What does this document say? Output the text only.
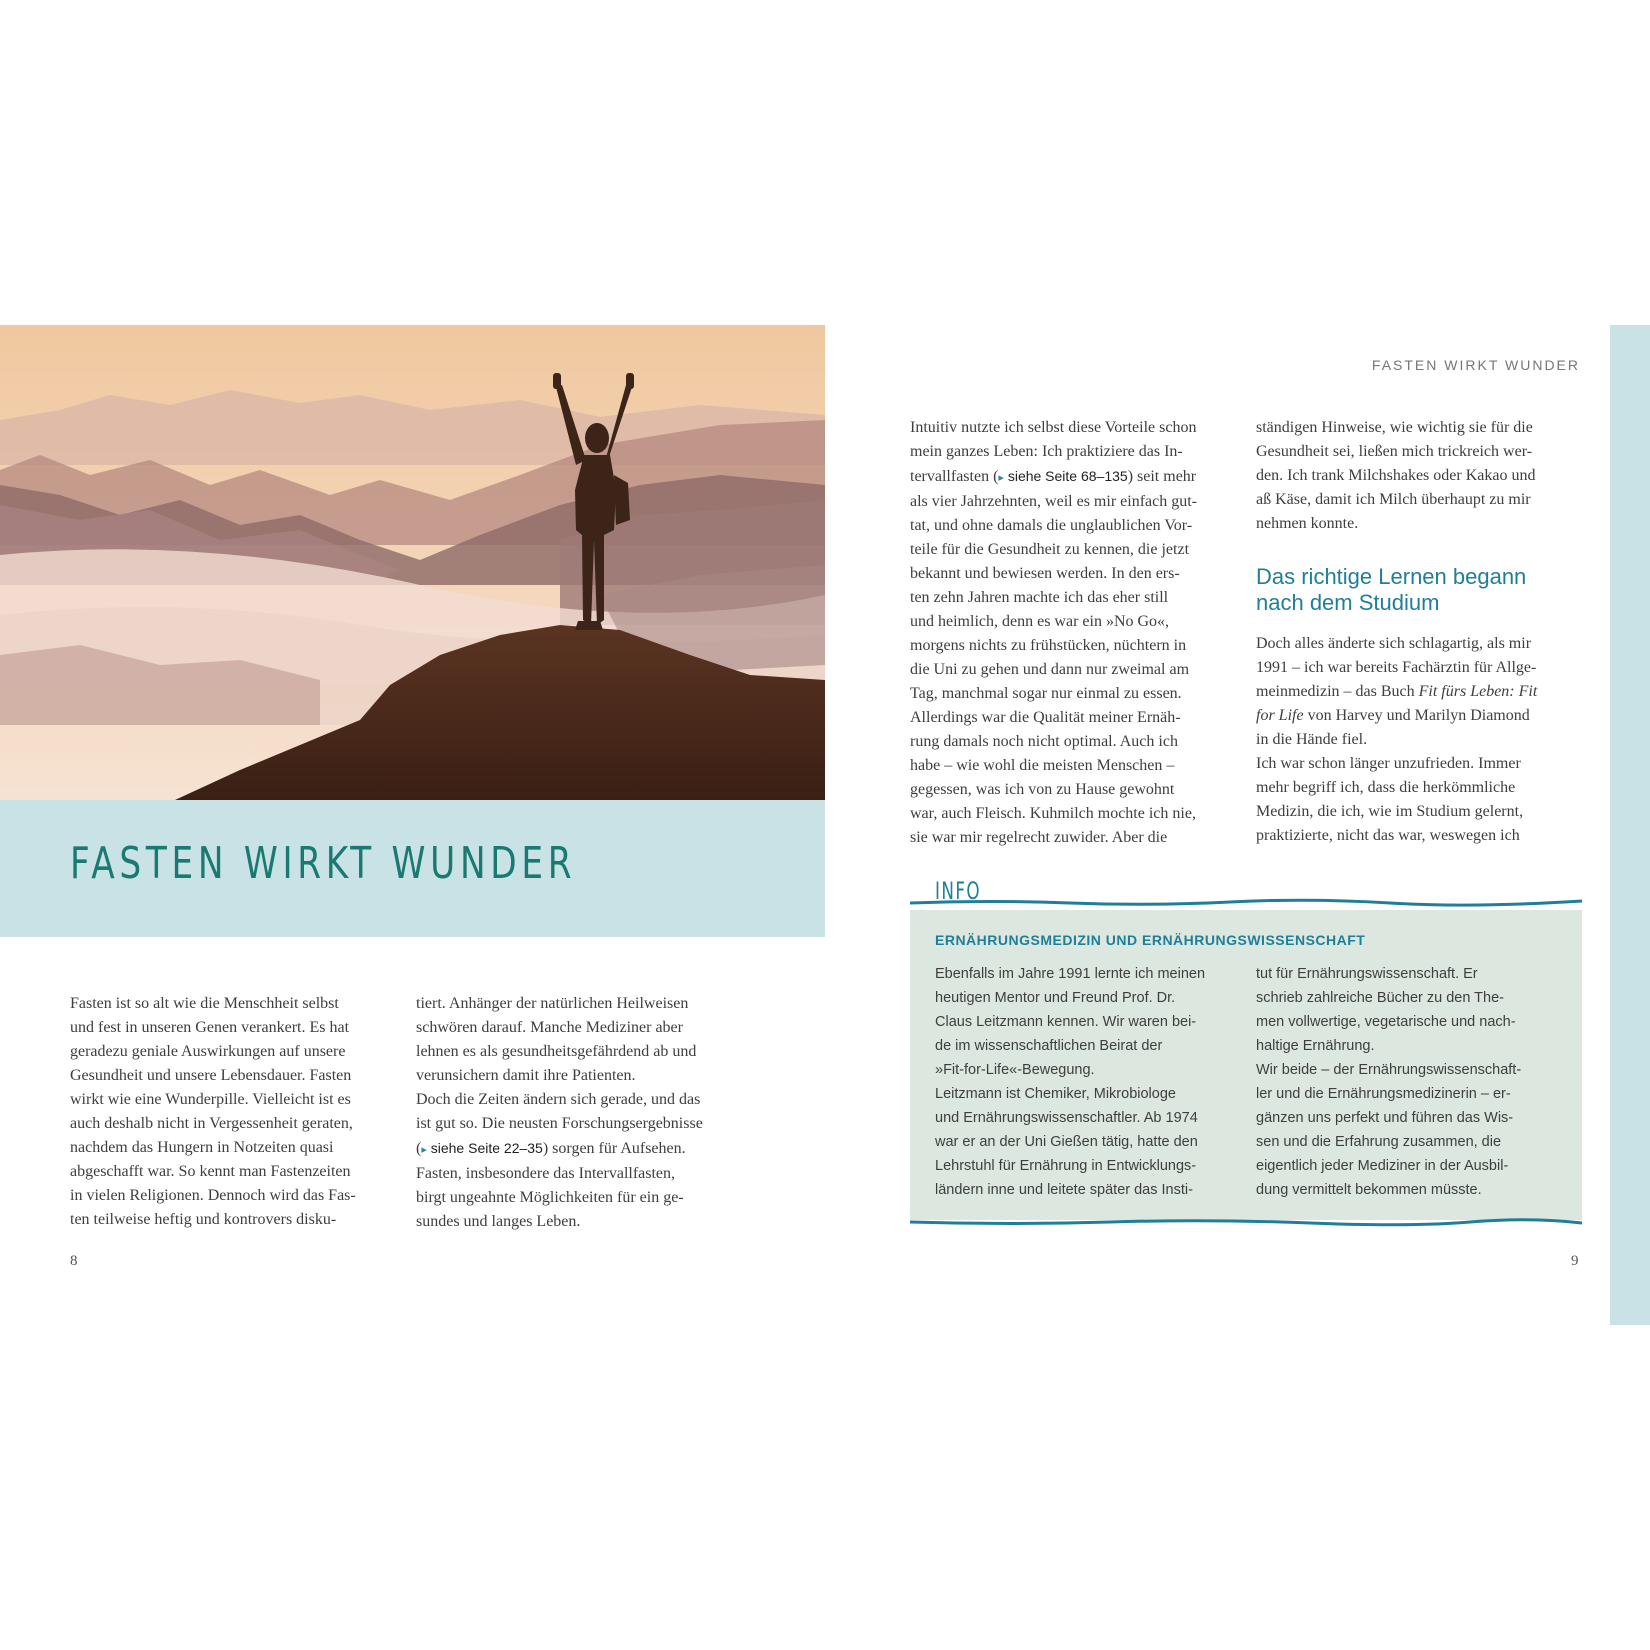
FASTEN WIRKT WUNDER

Fasten ist so alt wie die Menschheit selbst

und fest in unseren Genen verankert. Es hat

geradezu geniale Auswirkungen auf unsere

Gesundheit und unsere Lebensdauer. Fasten

wirkt wie eine Wunderpille. Vielleicht ist es

auch deshalb nicht in Vergessenheit geraten,

nachdem das Hungern in Notzeiten quasi

abgeschafft war. So kennt man Fastenzeiten

in vielen Religionen. Dennoch wird das Fas-

ten teilweise heftig und kontrovers disku-

tiert. Anhänger der natürlichen Heilweisen

schwören darauf. Manche Mediziner aber

lehnen es als gesundheitsgefährdend ab und

verunsichern damit ihre Patienten.

Doch die Zeiten ändern sich gerade, und das

ist gut so. Die neusten Forschungsergebnisse

(▸ siehe Seite 22–35) sorgen für Aufsehen.

Fasten, insbesondere das Intervallfasten,

birgt ungeahnte Möglichkeiten für ein ge-

sundes und langes Leben.

8

FASTEN WIRKT WUNDER

Intuitiv nutzte ich selbst diese Vorteile schon

mein ganzes Leben: Ich praktiziere das In-

tervallfasten (▸ siehe Seite 68–135) seit mehr

als vier Jahrzehnten, weil es mir einfach gut-

tat, und ohne damals die unglaublichen Vor-

teile für die Gesundheit zu kennen, die jetzt

bekannt und bewiesen werden. In den ers-

ten zehn Jahren machte ich das eher still

und heimlich, denn es war ein »No Go«,

morgens nichts zu frühstücken, nüchtern in

die Uni zu gehen und dann nur zweimal am

Tag, manchmal sogar nur einmal zu essen.

Allerdings war die Qualität meiner Ernäh-

rung damals noch nicht optimal. Auch ich

habe – wie wohl die meisten Menschen –

gegessen, was ich von zu Hause gewohnt

war, auch Fleisch. Kuhmilch mochte ich nie,

sie war mir regelrecht zuwider. Aber die

ständigen Hinweise, wie wichtig sie für die

Gesundheit sei, ließen mich trickreich wer-

den. Ich trank Milchshakes oder Kakao und

aß Käse, damit ich Milch überhaupt zu mir

nehmen konnte.

Das richtige Lernen begann nach dem Studium

Doch alles änderte sich schlagartig, als mir

1991 – ich war bereits Fachärztin für Allge-

meinmedizin – das Buch Fit fürs Leben: Fit

for Life von Harvey und Marilyn Diamond

in die Hände fiel.

Ich war schon länger unzufrieden. Immer

mehr begriff ich, dass die herkömmliche

Medizin, die ich, wie im Studium gelernt,

praktizierte, nicht das war, weswegen ich

INFO

ERNÄHRUNGSMEDIZIN UND ERNÄHRUNGSWISSENSCHAFT

Ebenfalls im Jahre 1991 lernte ich meinen

heutigen Mentor und Freund Prof. Dr.

Claus Leitzmann kennen. Wir waren bei-

de im wissenschaftlichen Beirat der

»Fit-for-Life«-Bewegung.

Leitzmann ist Chemiker, Mikrobiologe

und Ernährungswissenschaftler. Ab 1974

war er an der Uni Gießen tätig, hatte den

Lehrstuhl für Ernährung in Entwicklungs-

ländern inne und leitete später das Insti-

tut für Ernährungswissenschaft. Er

schrieb zahlreiche Bücher zu den The-

men vollwertige, vegetarische und nach-

haltige Ernährung.

Wir beide – der Ernährungswissenschaft-

ler und die Ernährungsmedizinerin – er-

gänzen uns perfekt und führen das Wis-

sen und die Erfahrung zusammen, die

eigentlich jeder Mediziner in der Ausbil-

dung vermittelt bekommen müsste.

9
